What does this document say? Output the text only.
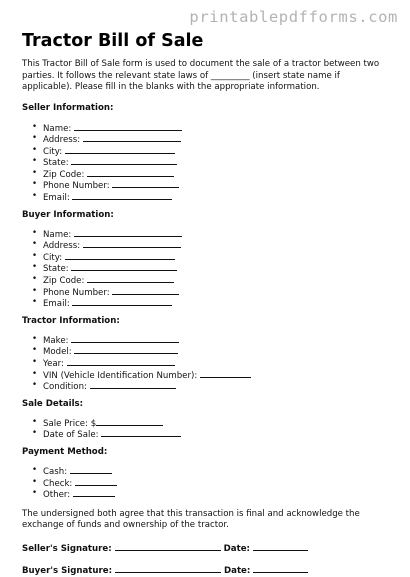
printablepdfforms.com
Tractor Bill of Sale
This Tractor Bill of Sale form is used to document the sale of a tractor between two parties. It follows the relevant state laws of _________ (insert state name if applicable). Please fill in the blanks with the appropriate information.
Seller Information:
• Name:
• Address:
• City:
• State:
• Zip Code:
• Phone Number:
• Email:
Buyer Information:
• Name:
• Address:
• City:
• State:
• Zip Code:
• Phone Number:
• Email:
Tractor Information:
• Make:
• Model:
• Year:
• VIN (Vehicle Identification Number):
• Condition:
Sale Details:
• Sale Price: $
• Date of Sale:
Payment Method:
• Cash:
• Check:
• Other:
The undersigned both agree that this transaction is final and acknowledge the exchange of funds and ownership of the tractor.
Seller's Signature:	Date:
Buyer's Signature:	Date:
